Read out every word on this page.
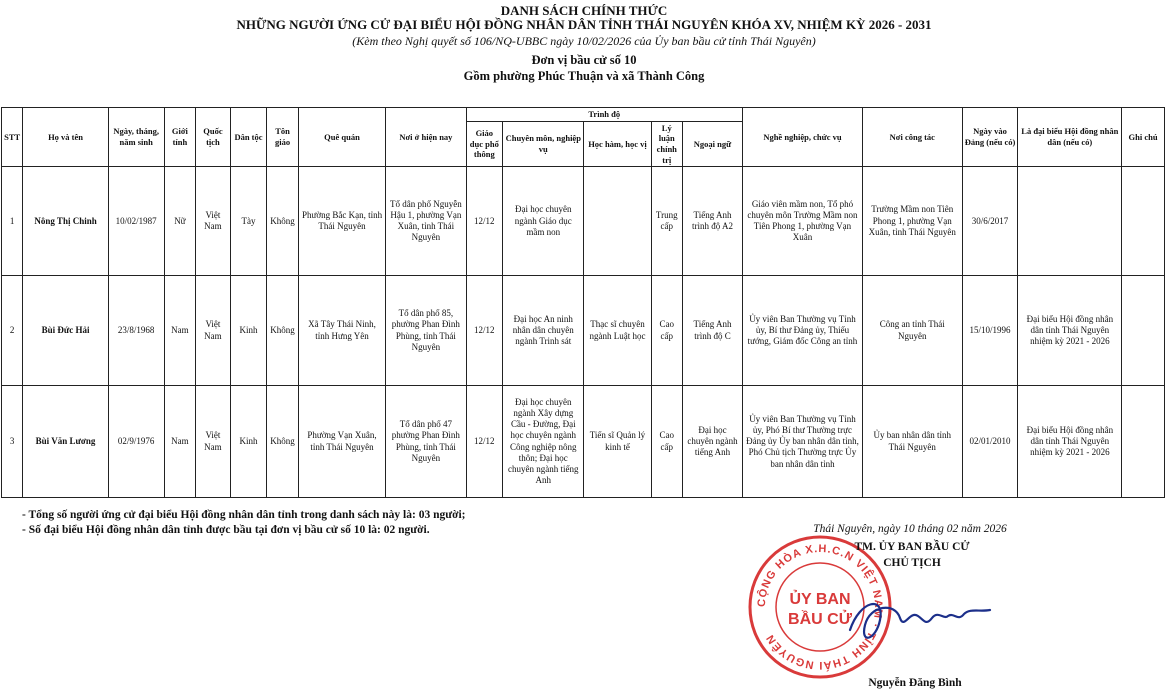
DANH SÁCH CHÍNH THỨC
NHỮNG NGƯỜI ỨNG CỬ ĐẠI BIỂU HỘI ĐỒNG NHÂN DÂN TỈNH THÁI NGUYÊN KHÓA XV, NHIỆM KỲ 2026 - 2031
(Kèm theo Nghị quyết số 106/NQ-UBBC ngày 10/02/2026 của Ủy ban bầu cử tỉnh Thái Nguyên)
Đơn vị bầu cử số 10
Gồm phường Phúc Thuận và xã Thành Công
STT	Họ và tên	Ngày, tháng, năm sinh	Giới tính	Quốc tịch	Dân tộc	Tôn giáo	Quê quán	Nơi ở hiện nay	Trình độ					Nghề nghiệp, chức vụ	Nơi công tác	Ngày vào Đảng (nếu có)	Là đại biểu Hội đồng nhân dân (nếu có)	Ghi chú
									Giáo dục phổ thông	Chuyên môn, nghiệp vụ	Học hàm, học vị	Lý luận chính trị	Ngoại ngữ					
1	Nông Thị Chinh	10/02/1987	Nữ	Việt Nam	Tày	Không	Phường Bắc Kạn, tỉnh Thái Nguyên	Tổ dân phố Nguyễn Hậu 1, phường Vạn Xuân, tỉnh Thái Nguyên	12/12	Đại học chuyên ngành Giáo dục mầm non		Trung cấp	Tiếng Anh trình độ A2	Giáo viên mầm non, Tổ phó chuyên môn Trường Mầm non Tiên Phong 1, phường Vạn Xuân	Trường Mầm non Tiên Phong 1, phường Vạn Xuân, tỉnh Thái Nguyên	30/6/2017		
2	Bùi Đức Hải	23/8/1968	Nam	Việt Nam	Kinh	Không	Xã Tây Thái Ninh, tỉnh Hưng Yên	Tổ dân phố 85, phường Phan Đình Phùng, tỉnh Thái Nguyên	12/12	Đại học An ninh nhân dân chuyên ngành Trinh sát	Thạc sĩ chuyên ngành Luật học	Cao cấp	Tiếng Anh trình độ C	Ủy viên Ban Thường vụ Tỉnh ủy, Bí thư Đảng ủy, Thiếu tướng, Giám đốc Công an tỉnh	Công an tỉnh Thái Nguyên	15/10/1996	Đại biểu Hội đồng nhân dân tỉnh Thái Nguyên nhiệm kỳ 2021 - 2026	
3	Bùi Văn Lương	02/9/1976	Nam	Việt Nam	Kinh	Không	Phường Vạn Xuân, tỉnh Thái Nguyên	Tổ dân phố 47 phường Phan Đình Phùng, tỉnh Thái Nguyên	12/12	Đại học chuyên ngành Xây dựng Cầu - Đường, Đại học chuyên ngành Công nghiệp nông thôn; Đại học chuyên ngành tiếng Anh	Tiến sĩ Quản lý kinh tế	Cao cấp	Đại học chuyên ngành tiếng Anh	Ủy viên Ban Thường vụ Tỉnh ủy, Phó Bí thư Thường trực Đảng ủy Ủy ban nhân dân tỉnh, Phó Chủ tịch Thường trực Ủy ban nhân dân tỉnh	Ủy ban nhân dân tỉnh Thái Nguyên	02/01/2010	Đại biểu Hội đồng nhân dân tỉnh Thái Nguyên nhiệm kỳ 2021 - 2026	
- Tổng số người ứng cử đại biểu Hội đồng nhân dân tỉnh trong danh sách này là: 03 người;
- Số đại biểu Hội đồng nhân dân tỉnh được bầu tại đơn vị bầu cử số 10 là: 02 người.
CỘNG HÒA X.H.C.N VIỆT NAM · TỈNH THÁI NGUYÊN
ỦY BAN
BẦU CỬ
Thái Nguyên, ngày 10 tháng 02 năm 2026
TM. ỦY BAN BẦU CỬ
CHỦ TỊCH
Nguyễn Đăng Bình
